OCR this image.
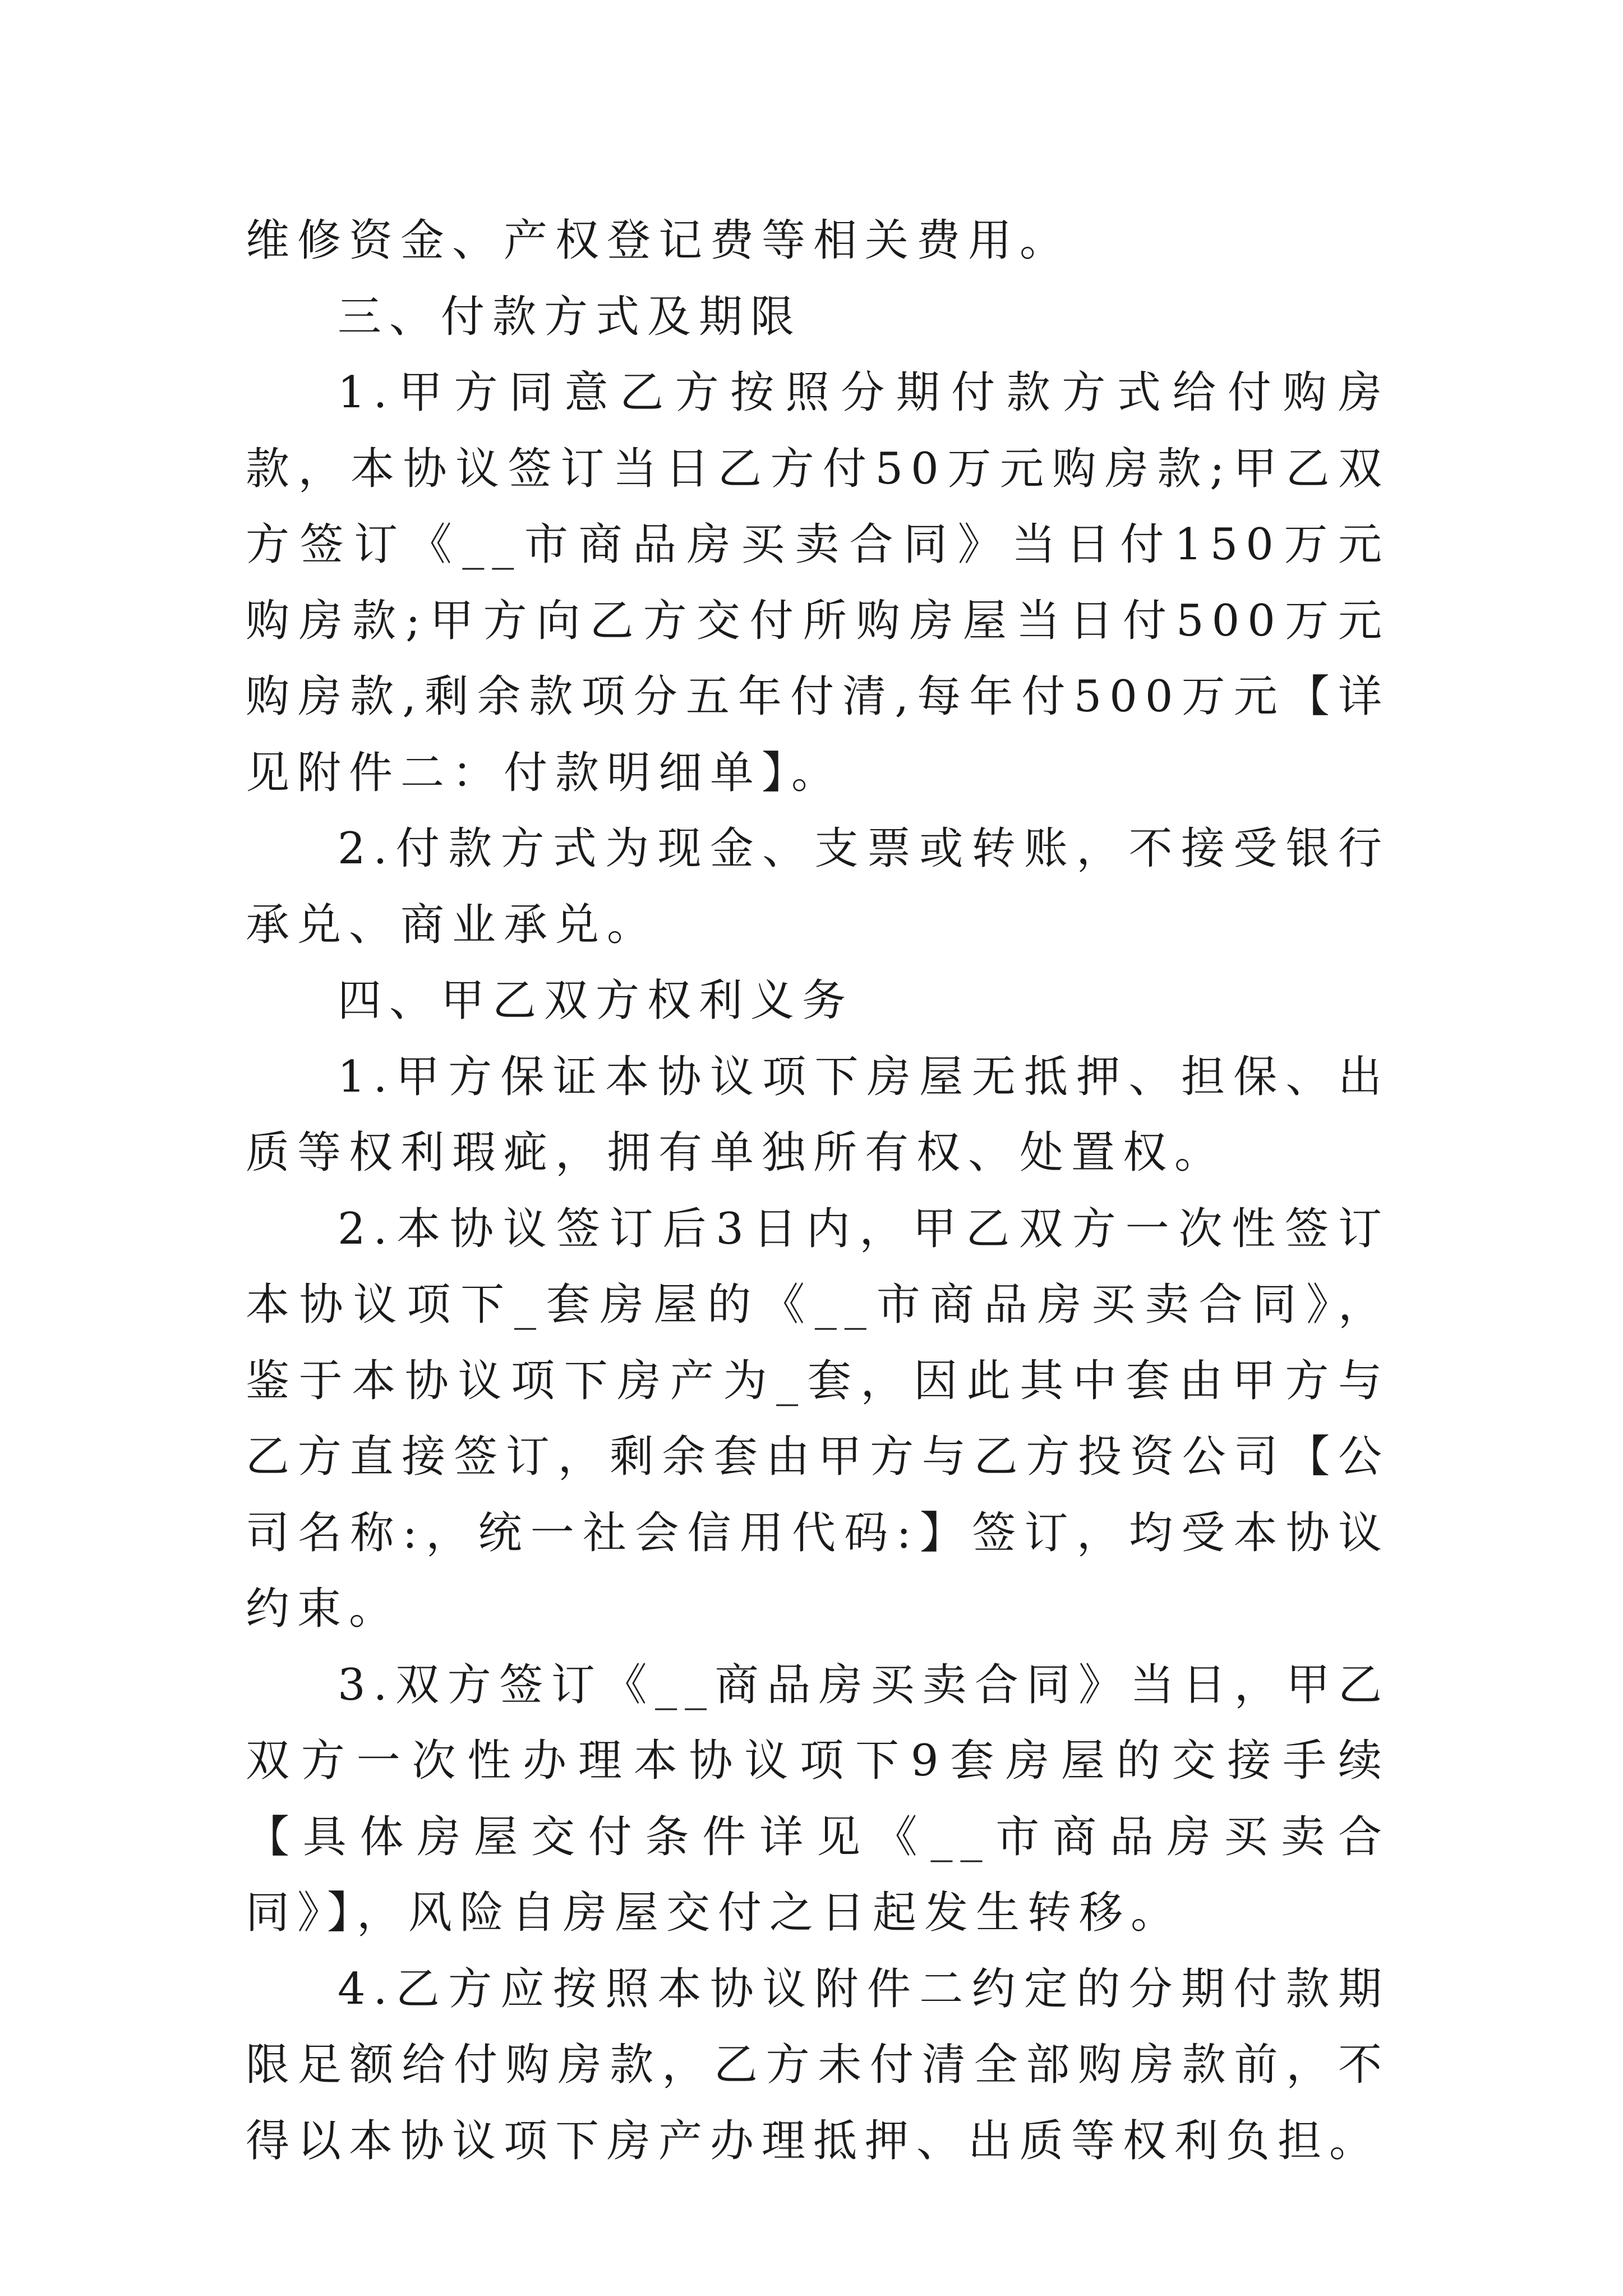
维修资金、产权登记费等相关费用。

三、付款方式及期限

1.甲方同意乙方按照分期付款方式给付购房款，本协议签订当日乙方付50万元购房款;甲乙双方签订《__市商品房买卖合同》当日付150万元购房款;甲方向乙方交付所购房屋当日付500万元购房款,剩余款项分五年付清,每年付500万元【详见附件二：付款明细单】。

2.付款方式为现金、支票或转账，不接受银行承兑、商业承兑。

四、甲乙双方权利义务

1.甲方保证本协议项下房屋无抵押、担保、出质等权利瑕疵，拥有单独所有权、处置权。

2.本协议签订后3日内，甲乙双方一次性签订本协议项下_套房屋的《__市商品房买卖合同》，鉴于本协议项下房产为_套，因此其中套由甲方与乙方直接签订，剩余套由甲方与乙方投资公司【公司名称:，统一社会信用代码:】签订，均受本协议约束。

3.双方签订《__商品房买卖合同》当日，甲乙双方一次性办理本协议项下9套房屋的交接手续【具体房屋交付条件详见《__市商品房买卖合同》】，风险自房屋交付之日起发生转移。

4.乙方应按照本协议附件二约定的分期付款期限足额给付购房款，乙方未付清全部购房款前，不得以本协议项下房产办理抵押、出质等权利负担。
